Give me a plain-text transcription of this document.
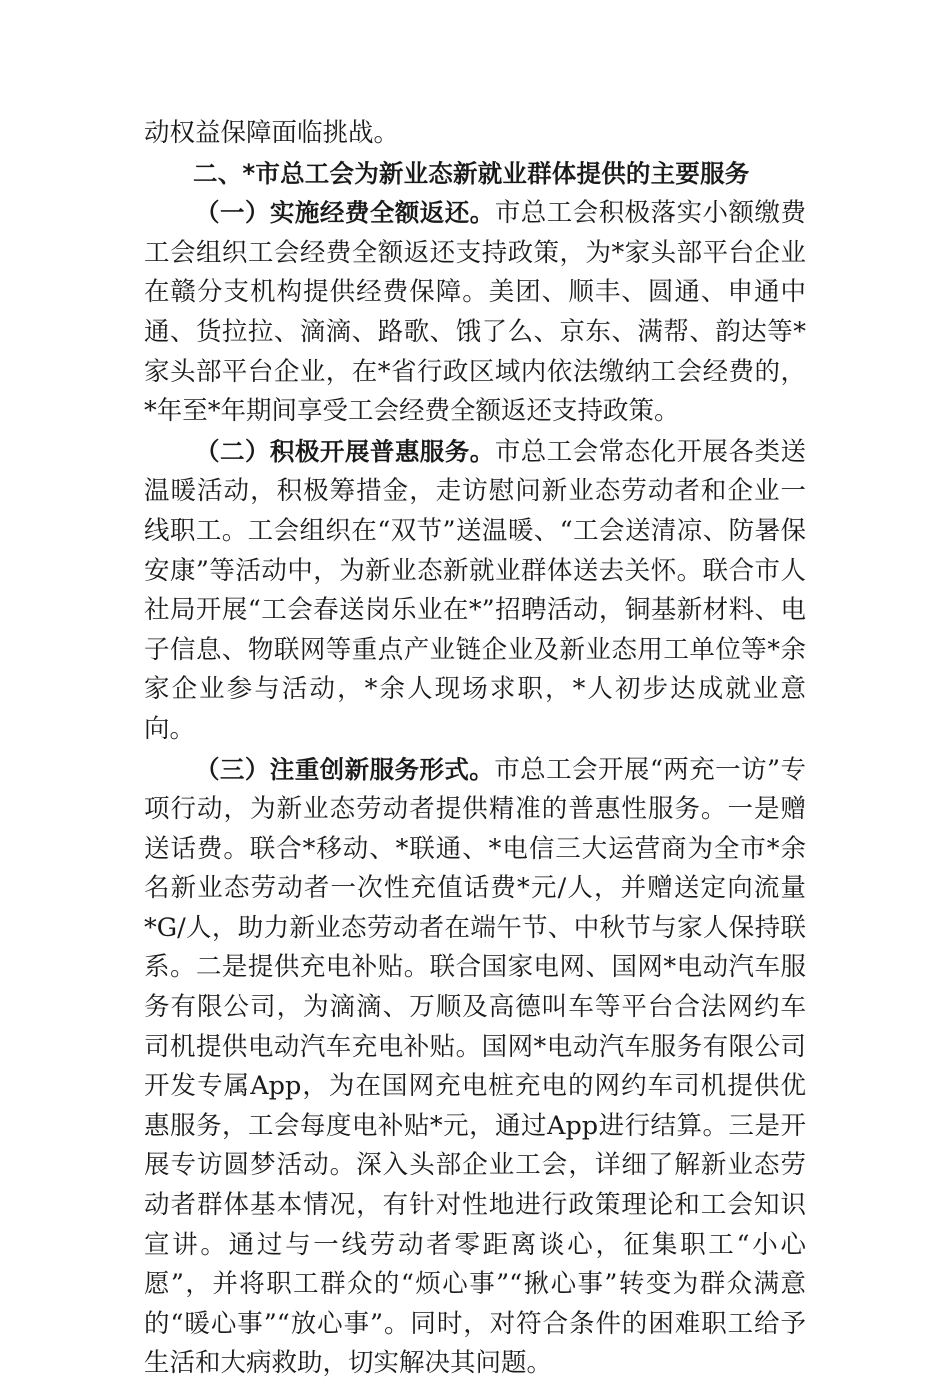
动权益保障面临挑战。

二、*市总工会为新业态新就业群体提供的主要服务

（一）实施经费全额返还。市总工会积极落实小额缴费工会组织工会经费全额返还支持政策，为*家头部平台企业在赣分支机构提供经费保障。美团、顺丰、圆通、申通中通、货拉拉、滴滴、路歌、饿了么、京东、满帮、韵达等*家头部平台企业，在*省行政区域内依法缴纳工会经费的，*年至*年期间享受工会经费全额返还支持政策。

（二）积极开展普惠服务。市总工会常态化开展各类送温暖活动，积极筹措金，走访慰问新业态劳动者和企业一线职工。工会组织在“双节”送温暖、“工会送清凉、防暑保安康”等活动中，为新业态新就业群体送去关怀。联合市人社局开展“工会春送岗乐业在*”招聘活动，铜基新材料、电子信息、物联网等重点产业链企业及新业态用工单位等*余家企业参与活动，*余人现场求职，*人初步达成就业意向。

（三）注重创新服务形式。市总工会开展“两充一访”专项行动，为新业态劳动者提供精准的普惠性服务。一是赠送话费。联合*移动、*联通、*电信三大运营商为全市*余名新业态劳动者一次性充值话费*元/人，并赠送定向流量*G/人，助力新业态劳动者在端午节、中秋节与家人保持联系。二是提供充电补贴。联合国家电网、国网*电动汽车服务有限公司，为滴滴、万顺及高德叫车等平台合法网约车司机提供电动汽车充电补贴。国网*电动汽车服务有限公司开发专属App，为在国网充电桩充电的网约车司机提供优惠服务，工会每度电补贴*元，通过App进行结算。三是开展专访圆梦活动。深入头部企业工会，详细了解新业态劳动者群体基本情况，有针对性地进行政策理论和工会知识宣讲。通过与一线劳动者零距离谈心，征集职工“小心愿”，并将职工群众的“烦心事”“揪心事”转变为群众满意的“暖心事”“放心事”。同时，对符合条件的困难职工给予生活和大病救助，切实解决其问题。
